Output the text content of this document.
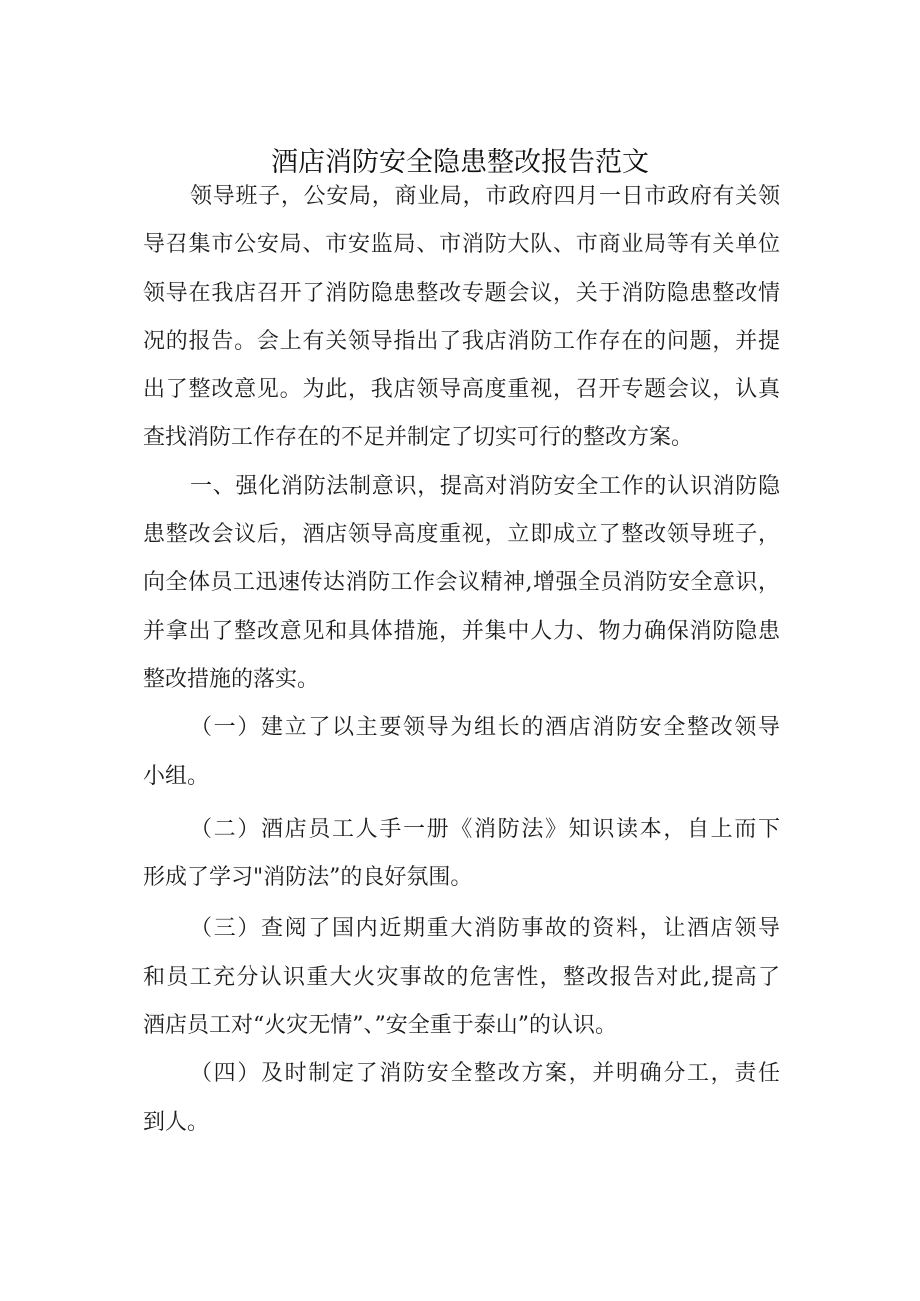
酒店消防安全隐患整改报告范文
领导班子，公安局，商业局，市政府四月一日市政府有关领
导召集市公安局、市安监局、市消防大队、市商业局等有关单位
领导在我店召开了消防隐患整改专题会议，关于消防隐患整改情
况的报告。会上有关领导指出了我店消防工作存在的问题，并提
出了整改意见。为此，我店领导高度重视，召开专题会议，认真
查找消防工作存在的不足并制定了切实可行的整改方案。
一、强化消防法制意识，提高对消防安全工作的认识消防隐
患整改会议后，酒店领导高度重视，立即成立了整改领导班子，
向全体员工迅速传达消防工作会议精神,增强全员消防安全意识，
并拿出了整改意见和具体措施，并集中人力、物力确保消防隐患
整改措施的落实。
（一）建立了以主要领导为组长的酒店消防安全整改领导
小组。
（二）酒店员工人手一册《消防法》知识读本，自上而下
形成了学习"消防法”的良好氛围。
（三）查阅了国内近期重大消防事故的资料，让酒店领导
和员工充分认识重大火灾事故的危害性，整改报告对此,提高了
酒店员工对“火灾无情”、”安全重于泰山”的认识。
（四）及时制定了消防安全整改方案，并明确分工，责任
到人。
